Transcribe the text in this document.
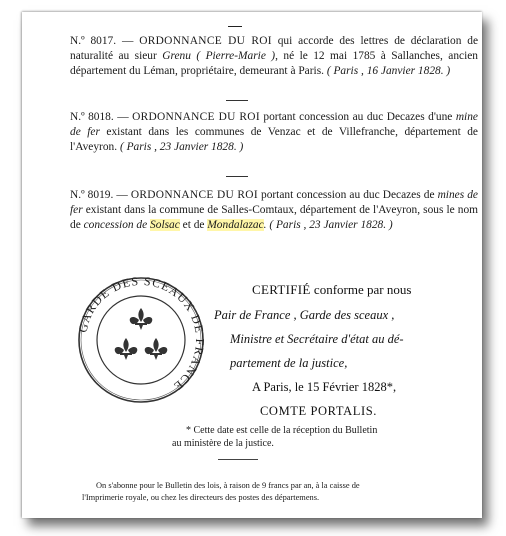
N.º 8017. — ORDONNANCE DU ROI qui accorde des lettres de déclaration de naturalité au sieur Grenu ( Pierre-Marie ), né le 12 mai 1785 à Sallanches, ancien département du Léman, propriétaire, demeurant à Paris. ( Paris , 16 Janvier 1828. )
N.º 8018. — ORDONNANCE DU ROI portant concession au duc Decazes d'une mine de fer existant dans les communes de Venzac et de Villefranche, département de l'Aveyron. ( Paris , 23 Janvier 1828. )
N.º 8019. — ORDONNANCE DU ROI portant concession au duc Decazes de mines de fer existant dans la commune de Salles-Comtaux, département de l'Aveyron, sous le nom de concession de Solsac et de Mondalazac. ( Paris , 23 Janvier 1828. )
GARDE DES SCEAUX DE FRANCE
CERTIFIÉ conforme par nous
Pair de France , Garde des sceaux ,
Ministre et Secrétaire d'état au dé-
partement de la justice,
A Paris, le 15 Février 1828*,
COMTE PORTALIS.
* Cette date est celle de la réception du Bulletin
au ministère de la justice.
On s'abonne pour le Bulletin des lois, à raison de 9 francs par an, à la caisse de
l'Imprimerie royale, ou chez les directeurs des postes des départemens.
